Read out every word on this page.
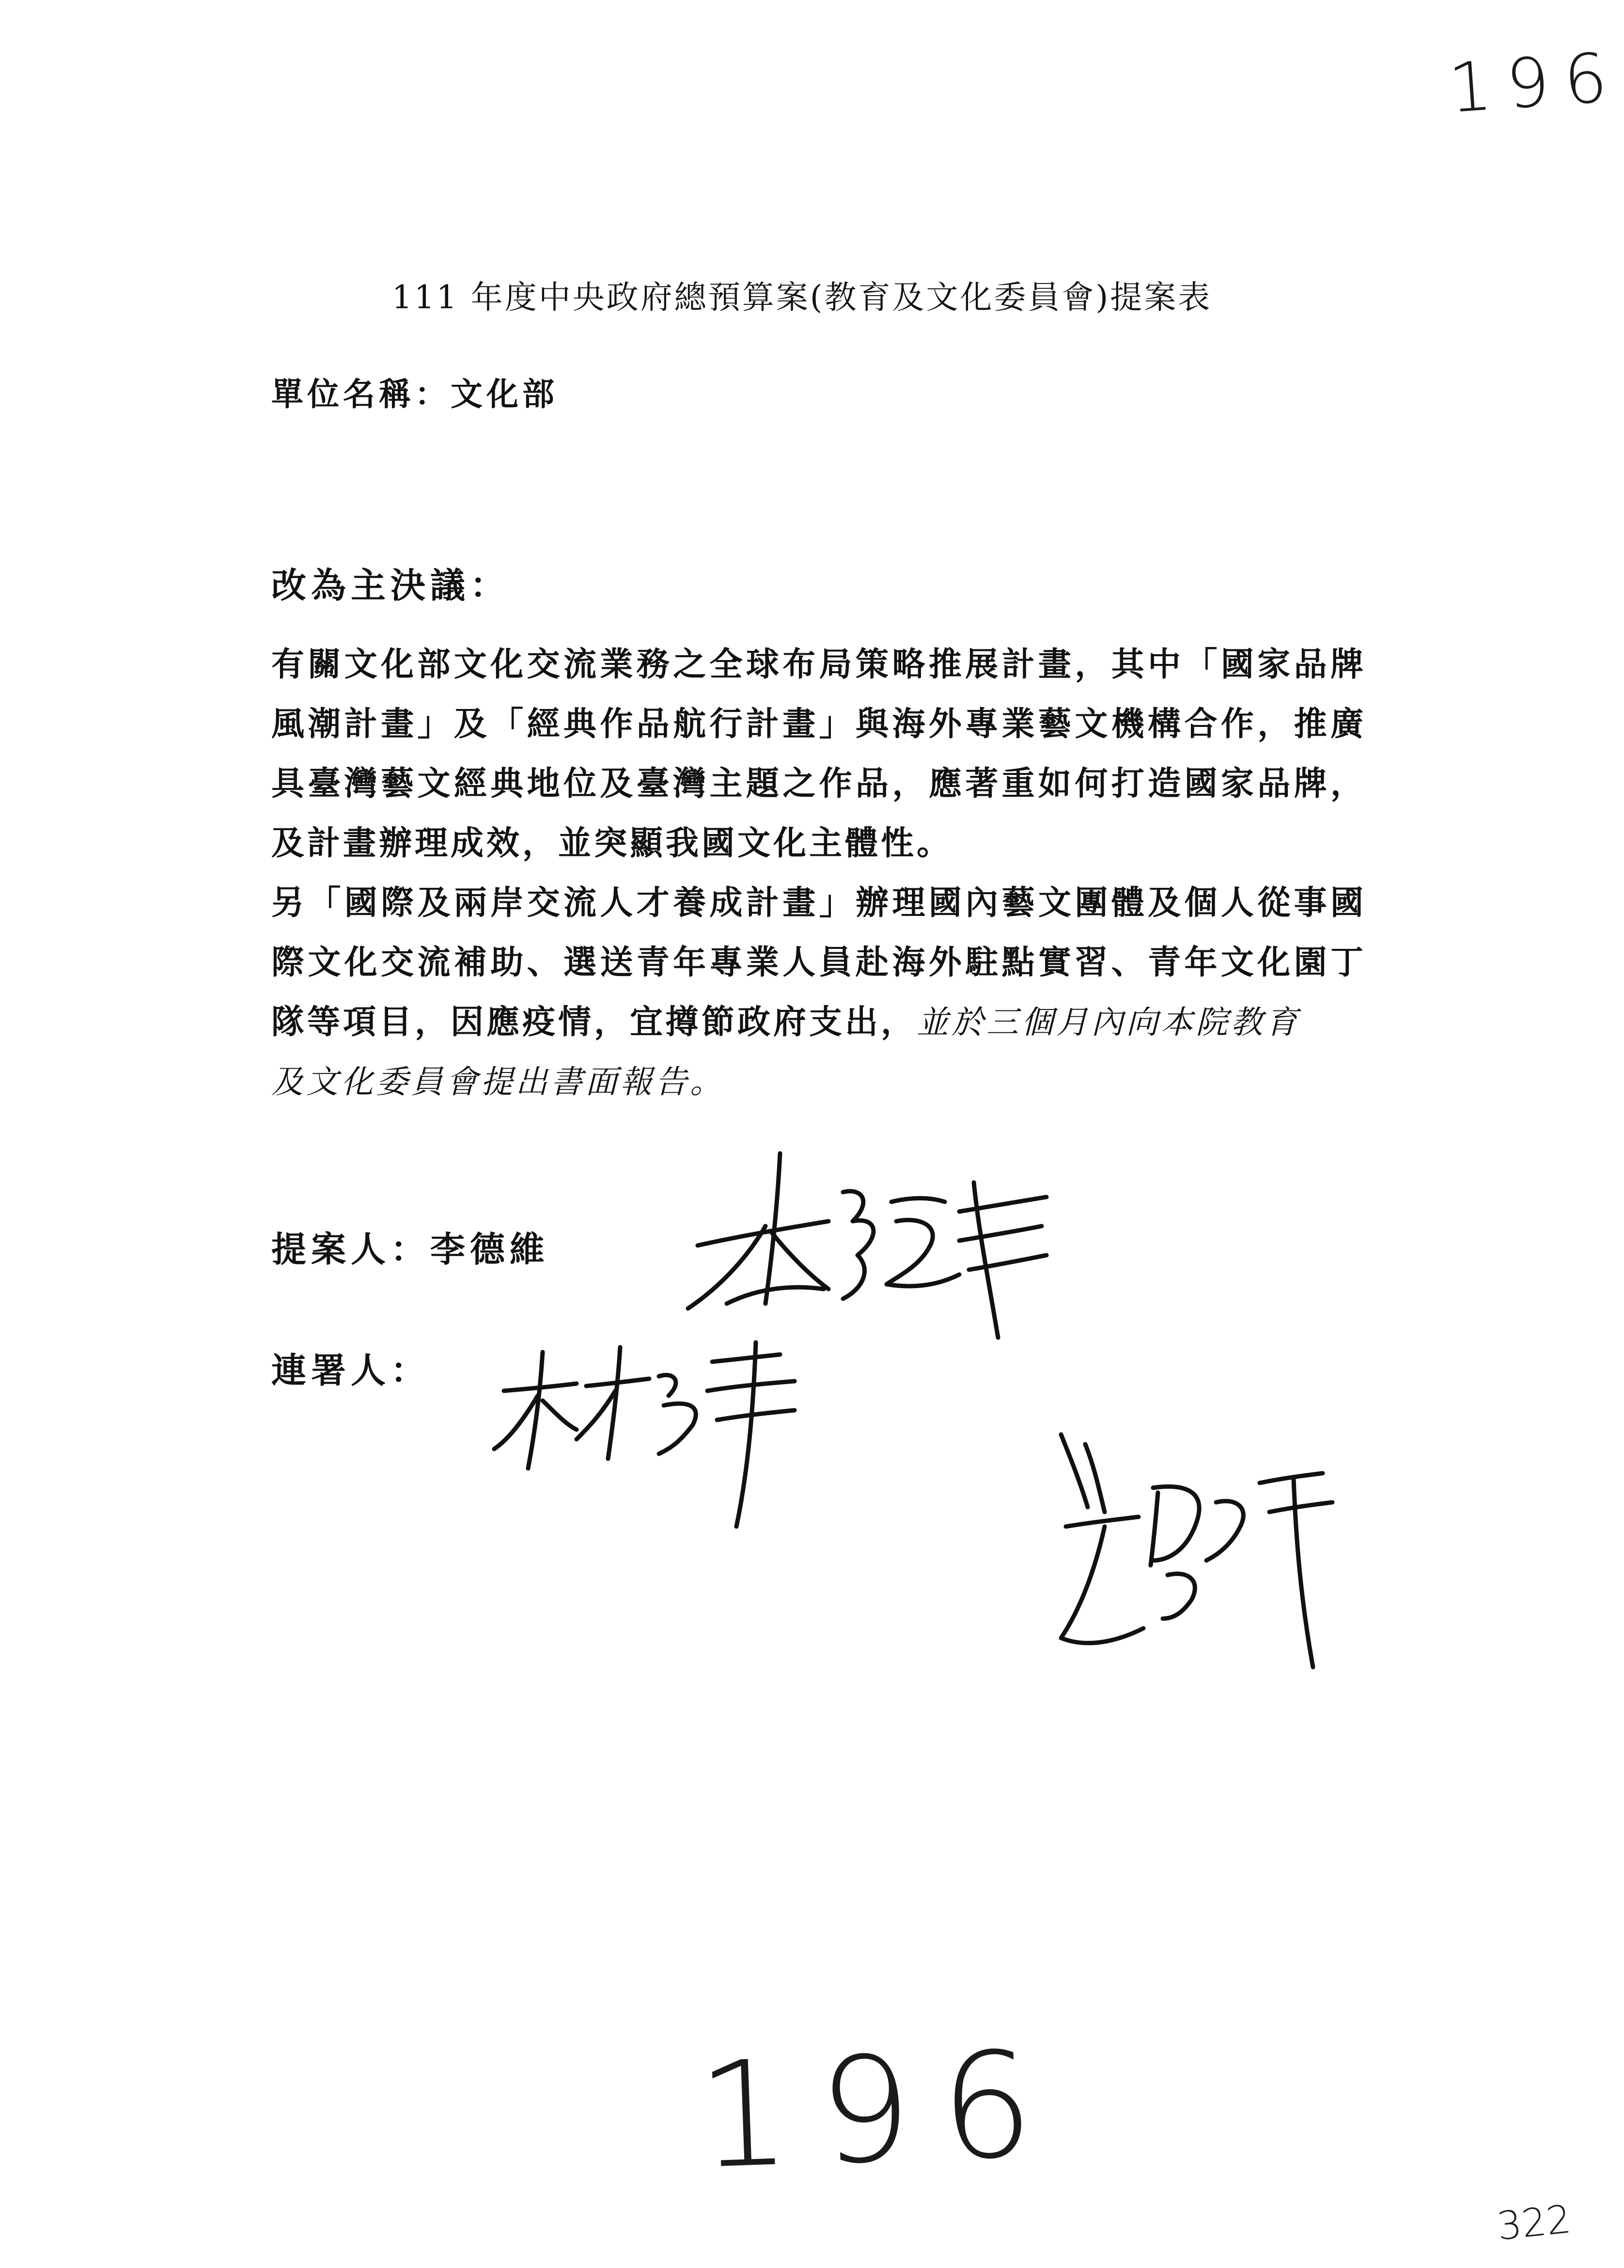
196
111 年度中央政府總預算案(教育及文化委員會)提案表
單位名稱：文化部
改為主決議：

有關文化部文化交流業務之全球布局策略推展計畫，其中「國家品牌風潮計畫」及「經典作品航行計畫」與海外專業藝文機構合作，推廣具臺灣藝文經典地位及臺灣主題之作品，應著重如何打造國家品牌，及計畫辦理成效，並突顯我國文化主體性。

另「國際及兩岸交流人才養成計畫」辦理國內藝文團體及個人從事國際文化交流補助、選送青年專業人員赴海外駐點實習、青年文化園丁隊等項目，因應疫情，宜撙節政府支出，並於三個月內向本院教育
及文化委員會提出書面報告。

提案人：李德維
連署人：
196
322
